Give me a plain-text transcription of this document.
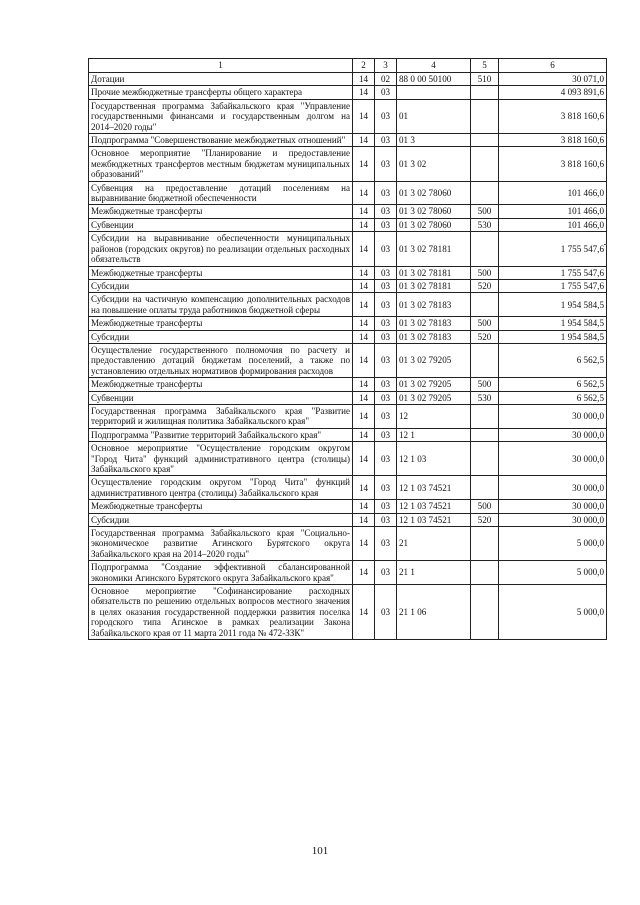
1	2	3	4	5	6
Дотации	14	02	88 0 00 50100	510	30 071,0
Прочие межбюджетные трансферты общего характера	14	03			4 093 891,6
Государственная программа Забайкальского края "Управление государственными финансами и государственным долгом на 2014–2020 годы"	14	03	01		3 818 160,6
Подпрограмма "Совершенствование межбюджетных отношений"	14	03	01 3		3 818 160,6
Основное мероприятие "Планирование и предоставление межбюджетных трансфертов местным бюджетам муниципальных образований"	14	03	01 3 02		3 818 160,6
Субвенция на предоставление дотаций поселениям на выравнивание бюджетной обеспеченности	14	03	01 3 02 78060		101 466,0
Межбюджетные трансферты	14	03	01 3 02 78060	500	101 466,0
Субвенции	14	03	01 3 02 78060	530	101 466,0
Субсидии на выравнивание обеспеченности муниципальных районов (городских округов) по реализации отдельных расходных обязательств	14	03	01 3 02 78181		1 755 547,6
Межбюджетные трансферты	14	03	01 3 02 78181	500	1 755 547,6
Субсидии	14	03	01 3 02 78181	520	1 755 547,6
Субсидии на частичную компенсацию дополнительных расходов на повышение оплаты труда работников бюджетной сферы	14	03	01 3 02 78183		1 954 584,5
Межбюджетные трансферты	14	03	01 3 02 78183	500	1 954 584,5
Субсидии	14	03	01 3 02 78183	520	1 954 584,5
Осуществление государственного полномочия по расчету и предоставлению дотаций бюджетам поселений, а также по установлению отдельных нормативов формирования расходов	14	03	01 3 02 79205		6 562,5
Межбюджетные трансферты	14	03	01 3 02 79205	500	6 562,5
Субвенции	14	03	01 3 02 79205	530	6 562,5
Государственная программа Забайкальского края "Развитие территорий и жилищная политика Забайкальского края"	14	03	12		30 000,0
Подпрограмма "Развитие территорий Забайкальского края"	14	03	12 1		30 000,0
Основное мероприятие "Осуществление городским округом "Город Чита" функций административного центра (столицы) Забайкальского края"	14	03	12 1 03		30 000,0
Осуществление городским округом "Город Чита" функций административного центра (столицы) Забайкальского края	14	03	12 1 03 74521		30 000,0
Межбюджетные трансферты	14	03	12 1 03 74521	500	30 000,0
Субсидии	14	03	12 1 03 74521	520	30 000,0
Государственная программа Забайкальского края "Социально-экономическое развитие Агинского Бурятского округа Забайкальского края на 2014–2020 годы"	14	03	21		5 000,0
Подпрограмма "Создание эффективной сбалансированной экономики Агинского Бурятского округа Забайкальского края"	14	03	21 1		5 000,0
Основное мероприятие "Софинансирование расходных обязательств по решению отдельных вопросов местного значения в целях оказания государственной поддержки развития поселка городского типа Агинское в рамках реализации Закона Забайкальского края от 11 марта 2011 года № 472-ЗЗК"	14	03	21 1 06		5 000,0
101
